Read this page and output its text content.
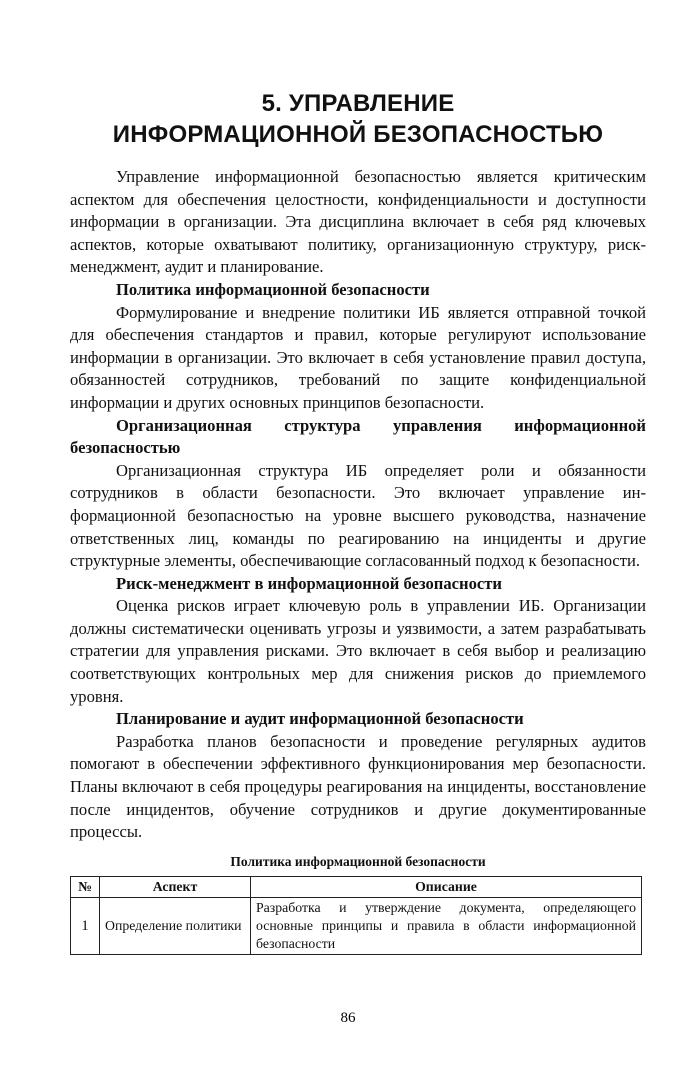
5. УПРАВЛЕНИЕ
ИНФОРМАЦИОННОЙ БЕЗОПАСНОСТЬЮ

Управление информационной безопасностью является критическим аспектом для обеспечения целостности, конфиденциальности и доступности информации в организации. Эта дисциплина включает в себя ряд ключевых аспектов, которые охватывают политику, организационную структуру, риск-менеджмент, аудит и планирование.

Политика информационной безопасности

Формулирование и внедрение политики ИБ является отправной точкой для обеспечения стандартов и правил, которые регулируют использование информации в организации. Это включает в себя установление правил доступа, обязанностей сотрудников, требований по защите конфиденциальной информации и других основных принципов безопасности.

Организационная структура управления информационной безопасностью

Организационная структура ИБ определяет роли и обязанности сотрудников в области безопасности. Это включает управление информационной безопасностью на уровне высшего руководства, назначение ответственных лиц, команды по реагированию на инциденты и другие структурные элементы, обеспечивающие согласованный подход к безопасности.

Риск-менеджмент в информационной безопасности

Оценка рисков играет ключевую роль в управлении ИБ. Организации должны систематически оценивать угрозы и уязвимости, а затем разрабатывать стратегии для управления рисками. Это включает в себя выбор и реализацию соответствующих контрольных мер для снижения рисков до приемлемого уровня.

Планирование и аудит информационной безопасности

Разработка планов безопасности и проведение регулярных аудитов помогают в обеспечении эффективного функционирования мер безопасности. Планы включают в себя процедуры реагирования на инциденты, восстановление после инцидентов, обучение сотрудников и другие документированные процессы.

Политика информационной безопасности
№	Аспект	Описание
1	Определение политики	Разработка и утверждение документа, определяющего основные принципы и правила в области информационной безопасности
86
